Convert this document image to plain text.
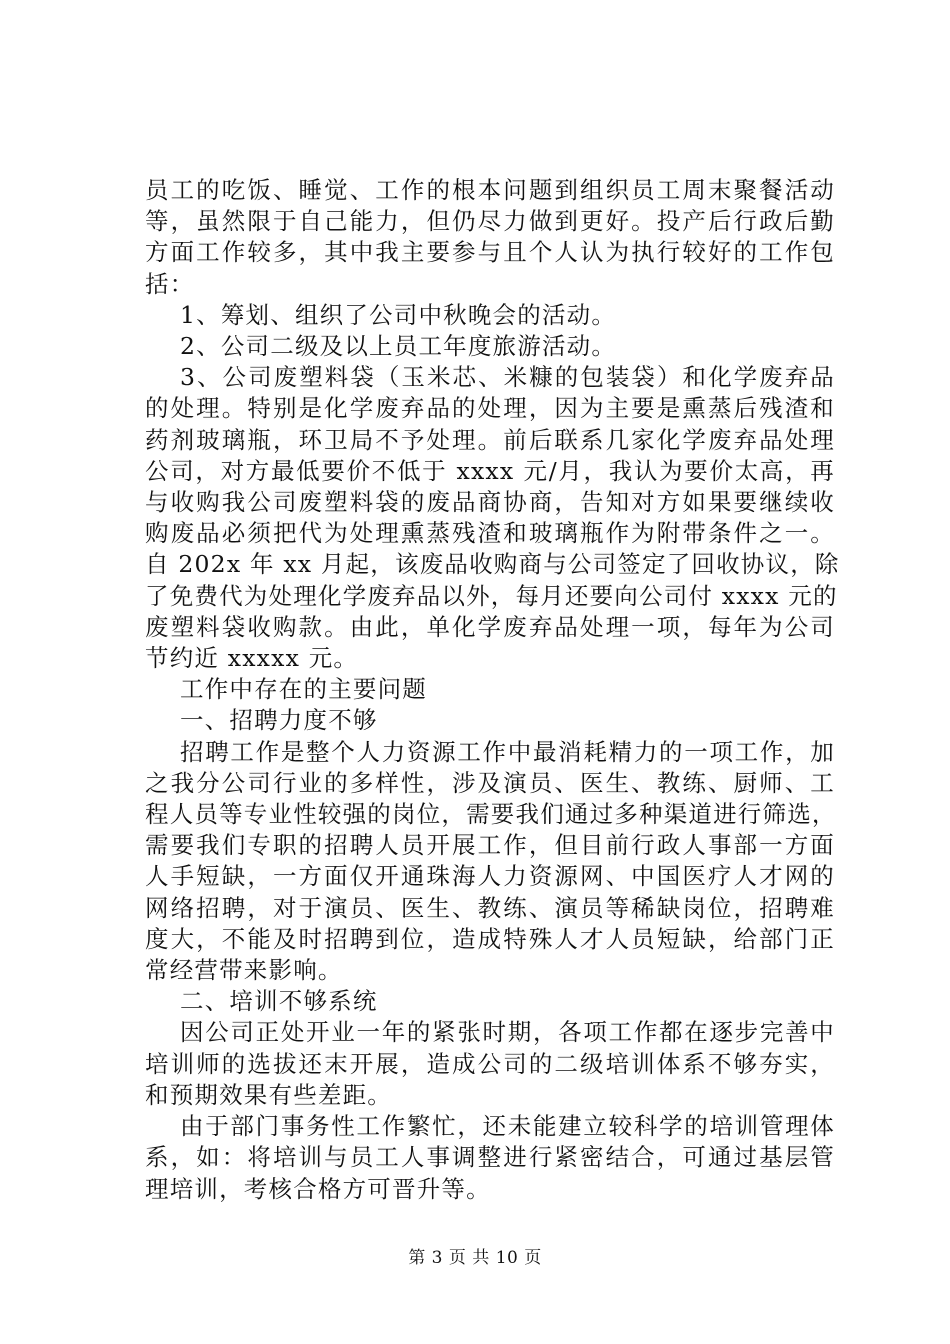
员工的吃饭、睡觉、工作的根本问题到组织员工周末聚餐活动
等，虽然限于自己能力，但仍尽力做到更好。投产后行政后勤
方面工作较多，其中我主要参与且个人认为执行较好的工作包
括：
1、筹划、组织了公司中秋晚会的活动。
2、公司二级及以上员工年度旅游活动。
3、公司废塑料袋（玉米芯、米糠的包装袋）和化学废弃品
的处理。特别是化学废弃品的处理，因为主要是熏蒸后残渣和
药剂玻璃瓶，环卫局不予处理。前后联系几家化学废弃品处理
公司，对方最低要价不低于 xxxx 元/月，我认为要价太高，再
与收购我公司废塑料袋的废品商协商，告知对方如果要继续收
购废品必须把代为处理熏蒸残渣和玻璃瓶作为附带条件之一。
自 202x 年 xx 月起，该废品收购商与公司签定了回收协议，除
了免费代为处理化学废弃品以外，每月还要向公司付 xxxx 元的
废塑料袋收购款。由此，单化学废弃品处理一项，每年为公司
节约近 xxxxx 元。
工作中存在的主要问题
一、招聘力度不够
招聘工作是整个人力资源工作中最消耗精力的一项工作，加
之我分公司行业的多样性，涉及演员、医生、教练、厨师、工
程人员等专业性较强的岗位，需要我们通过多种渠道进行筛选，
需要我们专职的招聘人员开展工作，但目前行政人事部一方面
人手短缺，一方面仅开通珠海人力资源网、中国医疗人才网的
网络招聘，对于演员、医生、教练、演员等稀缺岗位，招聘难
度大，不能及时招聘到位，造成特殊人才人员短缺，给部门正
常经营带来影响。
二、培训不够系统
因公司正处开业一年的紧张时期，各项工作都在逐步完善中
培训师的选拔还末开展，造成公司的二级培训体系不够夯实，
和预期效果有些差距。
由于部门事务性工作繁忙，还未能建立较科学的培训管理体
系，如：将培训与员工人事调整进行紧密结合，可通过基层管
理培训，考核合格方可晋升等。
第 3 页 共 10 页
